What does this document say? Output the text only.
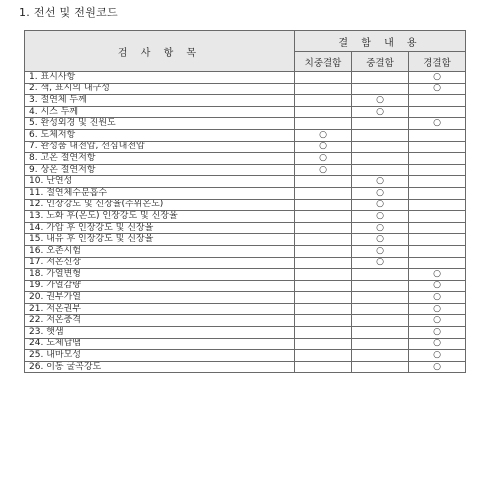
1. 전선 및 전원코드
검 사 항 목	결 함 내 용		
	치중결함	중결함	경결함
1. 표시사항			○
2. 색, 표시의 내구성			○
3. 절연체 두께		○	
4. 시스 두께		○	
5. 완성외경 및 진원도			○
6. 도체저항	○		
7. 완성품 내전압, 선심내전압	○		
8. 고온 절연저항	○		
9. 상온 절연저항	○		
10. 난연성		○	
11. 절연체수분흡수		○	
12. 인장강도 및 신장율(주위온도)		○	
13. 노화 후(온도) 인장강도 및 신장율		○	
14. 가압 후 인장강도 및 신장율		○	
15. 내유 후 인장강도 및 신장율		○	
16. 오존시험		○	
17. 저온신장		○	
18. 가열변형			○
19. 가열감량			○
20. 권부가열			○
21. 저온권부			○
22. 저온충격			○
23. 햇샘			○
24. 도체납땜			○
25. 내마모성			○
26. 이동 굴곡강도			○
